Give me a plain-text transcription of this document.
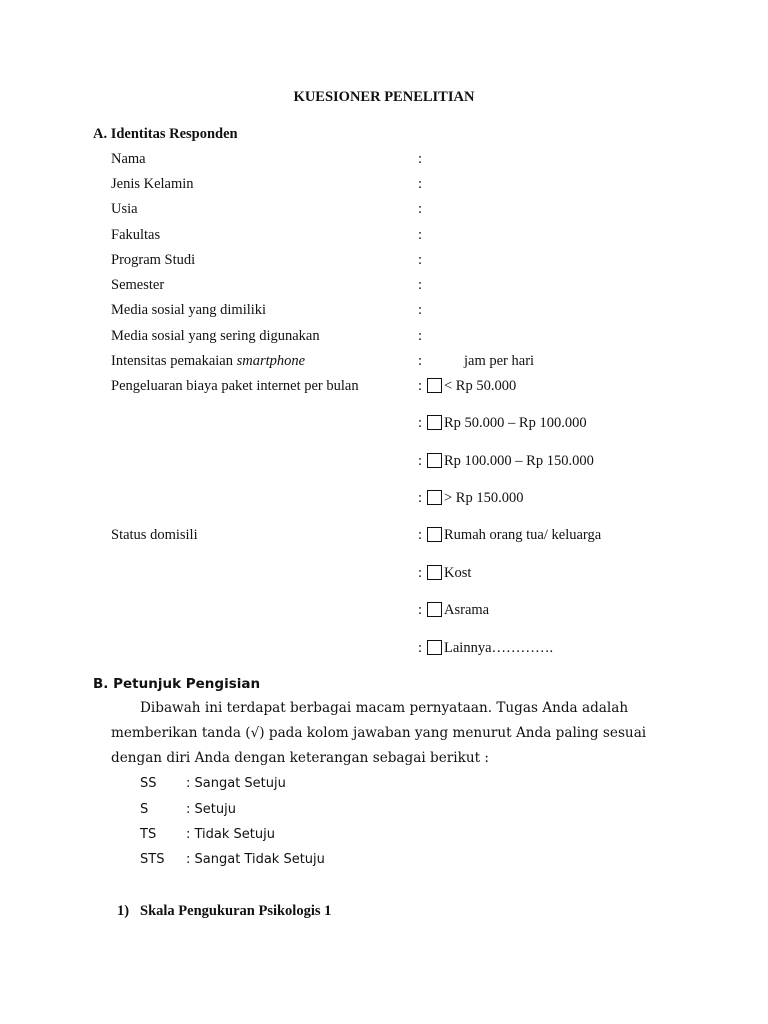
KUESIONER PENELITIAN
A. Identitas Responden
Nama	:
Jenis Kelamin	:
Usia	:
Fakultas	:
Program Studi	:
Semester	:
Media sosial yang dimiliki	:
Media sosial yang sering digunakan	:
Intensitas pemakaian smartphone	:	jam per hari
Pengeluaran biaya paket internet per bulan	: < Rp 50.000
: Rp 50.000 – Rp 100.000
: Rp 100.000 – Rp 150.000
: > Rp 150.000
Status domisili	: Rumah orang tua/ keluarga
: Kost
: Asrama
: Lainnya………….
B. Petunjuk Pengisian
Dibawah ini terdapat berbagai macam pernyataan. Tugas Anda adalah memberikan tanda (√) pada kolom jawaban yang menurut Anda paling sesuai dengan diri Anda dengan keterangan sebagai berikut :
SS : Sangat Setuju
S	: Setuju
TS : Tidak Setuju
STS : Sangat Tidak Setuju
1) Skala Pengukuran Psikologis 1
